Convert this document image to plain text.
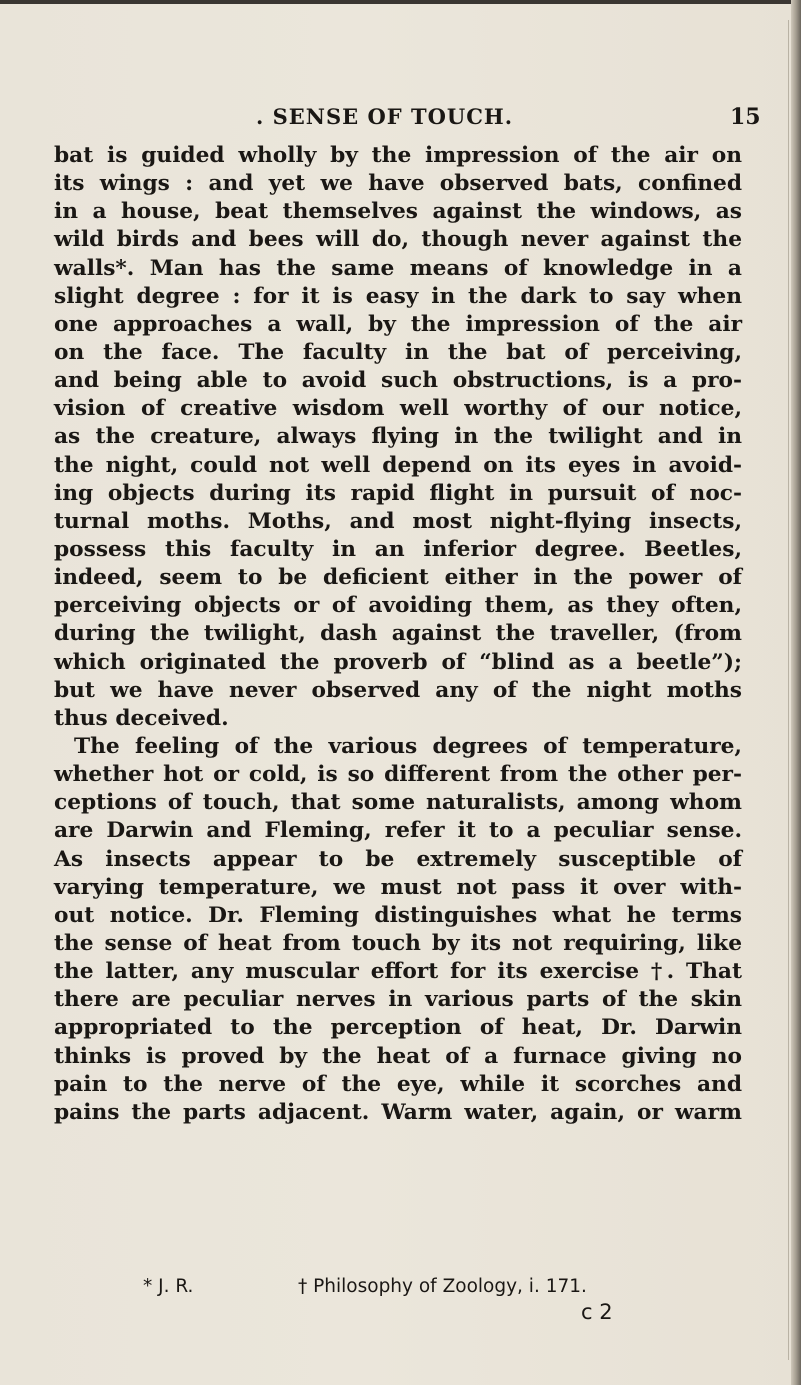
. SENSE OF TOUCH.	15
bat is guided wholly by the impression of the air on
its wings : and yet we have observed bats, confined
in a house, beat themselves against the windows, as
wild birds and bees will do, though never against the
walls*. Man has the same means of knowledge in a
slight degree : for it is easy in the dark to say when
one approaches a wall, by the impression of the air
on the face. The faculty in the bat of perceiving,
and being able to avoid such obstructions, is a pro-
vision of creative wisdom well worthy of our notice,
as the creature, always flying in the twilight and in
the night, could not well depend on its eyes in avoid-
ing objects during its rapid flight in pursuit of noc-
turnal moths. Moths, and most night-flying insects,
possess this faculty in an inferior degree. Beetles,
indeed, seem to be deficient either in the power of
perceiving objects or of avoiding them, as they often,
during the twilight, dash against the traveller, (from
which originated the proverb of “blind as a beetle”);
but we have never observed any of the night moths
thus deceived.
The feeling of the various degrees of temperature,
whether hot or cold, is so different from the other per-
ceptions of touch, that some naturalists, among whom
are Darwin and Fleming, refer it to a peculiar sense.
As insects appear to be extremely susceptible of
varying temperature, we must not pass it over with-
out notice. Dr. Fleming distinguishes what he terms
the sense of heat from touch by its not requiring, like
the latter, any muscular effort for its exercise †. That
there are peculiar nerves in various parts of the skin
appropriated to the perception of heat, Dr. Darwin
thinks is proved by the heat of a furnace giving no
pain to the nerve of the eye, while it scorches and
pains the parts adjacent. Warm water, again, or warm
* J. R.	† Philosophy of Zoology, i. 171.
c 2
